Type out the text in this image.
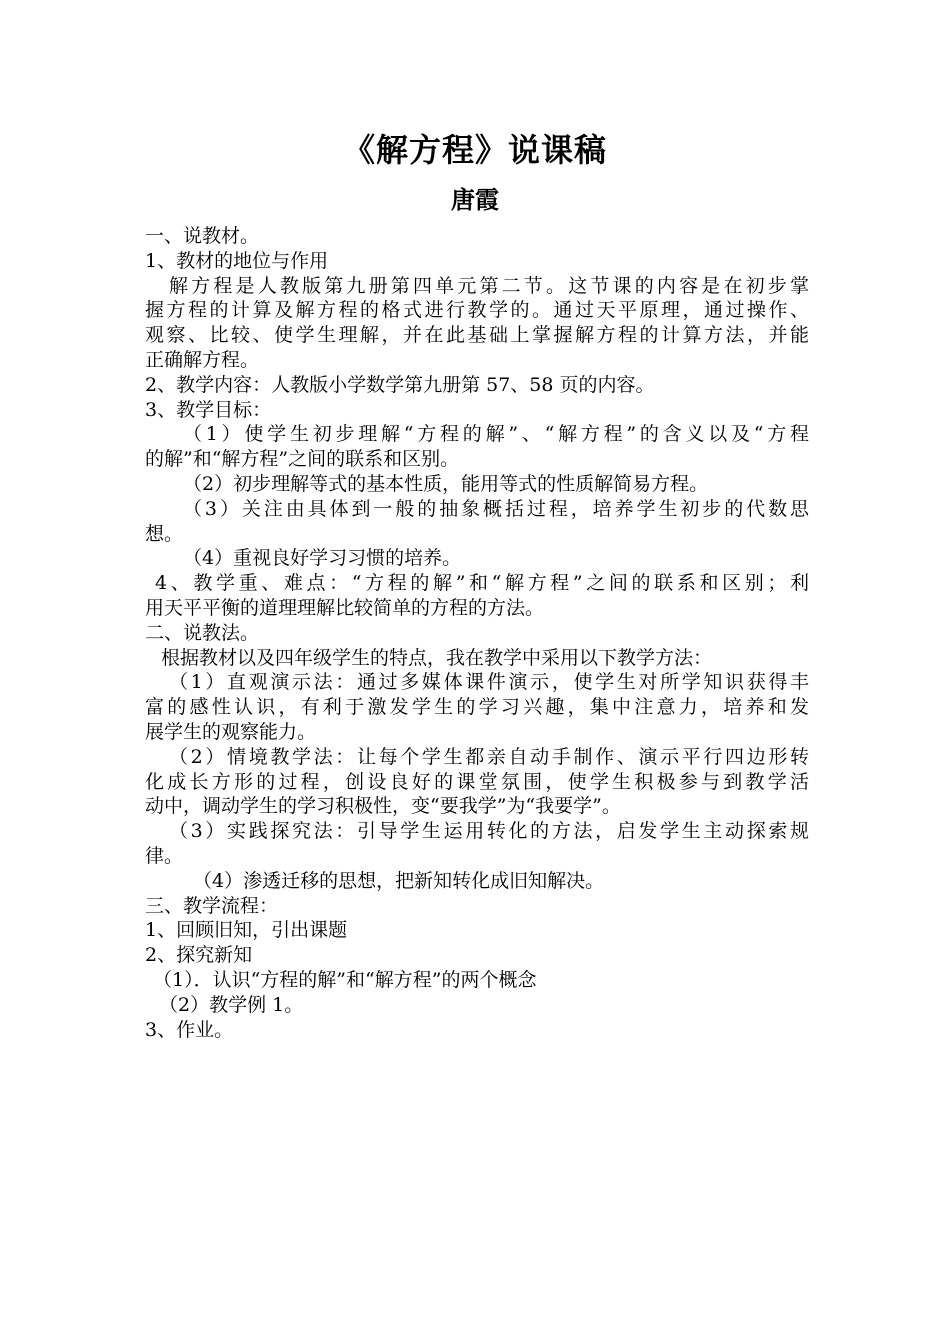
《解方程》说课稿
唐霞
一、说教材。
1、教材的地位与作用
解方程是人教版第九册第四单元第二节。这节课的内容是在初步掌
握方程的计算及解方程的格式进行教学的。通过天平原理，通过操作、
观察、比较、使学生理解，并在此基础上掌握解方程的计算方法，并能
正确解方程。
2、教学内容：人教版小学数学第九册第 57、58 页的内容。
3、教学目标：
（1）使学生初步理解“方程的解”、“解方程”的含义以及“方程
的解”和“解方程”之间的联系和区别。
（2）初步理解等式的基本性质，能用等式的性质解简易方程。
（3）关注由具体到一般的抽象概括过程，培养学生初步的代数思
想。
（4）重视良好学习习惯的培养。
4、教学重、难点：“方程的解”和“解方程”之间的联系和区别；利
用天平平衡的道理理解比较简单的方程的方法。
二、说教法。
根据教材以及四年级学生的特点，我在教学中采用以下教学方法：
（1）直观演示法：通过多媒体课件演示，使学生对所学知识获得丰
富的感性认识，有利于激发学生的学习兴趣，集中注意力，培养和发
展学生的观察能力。
（2）情境教学法：让每个学生都亲自动手制作、演示平行四边形转
化成长方形的过程，创设良好的课堂氛围，使学生积极参与到教学活
动中，调动学生的学习积极性，变“要我学”为“我要学”。
（3）实践探究法：引导学生运用转化的方法，启发学生主动探索规
律。
（4）渗透迁移的思想，把新知转化成旧知解决。
三、教学流程：
1、回顾旧知，引出课题
2、探究新知
（1）．认识“方程的解”和“解方程”的两个概念
（2）教学例 1。
3、作业。
